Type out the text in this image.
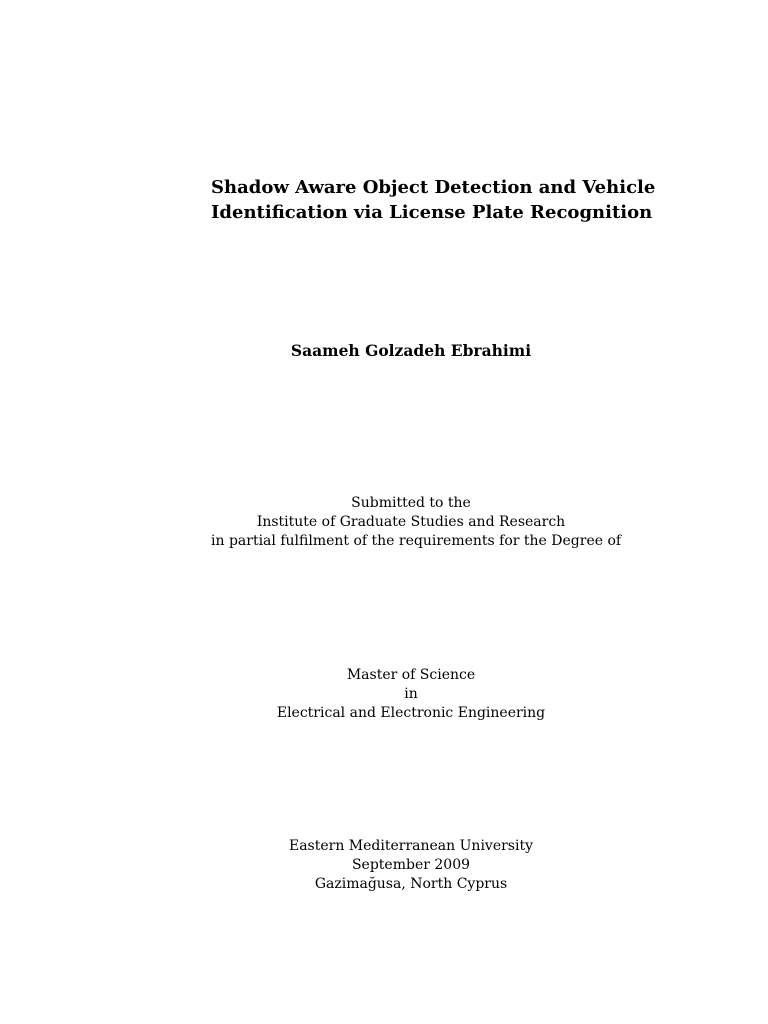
Shadow Aware Object Detection and Vehicle
Identification via License Plate Recognition
Saameh Golzadeh Ebrahimi
Submitted to the
Institute of Graduate Studies and Research
in partial fulfilment of the requirements for the Degree of
Master of Science
in
Electrical and Electronic Engineering
Eastern Mediterranean University
September 2009
Gazimağusa, North Cyprus
